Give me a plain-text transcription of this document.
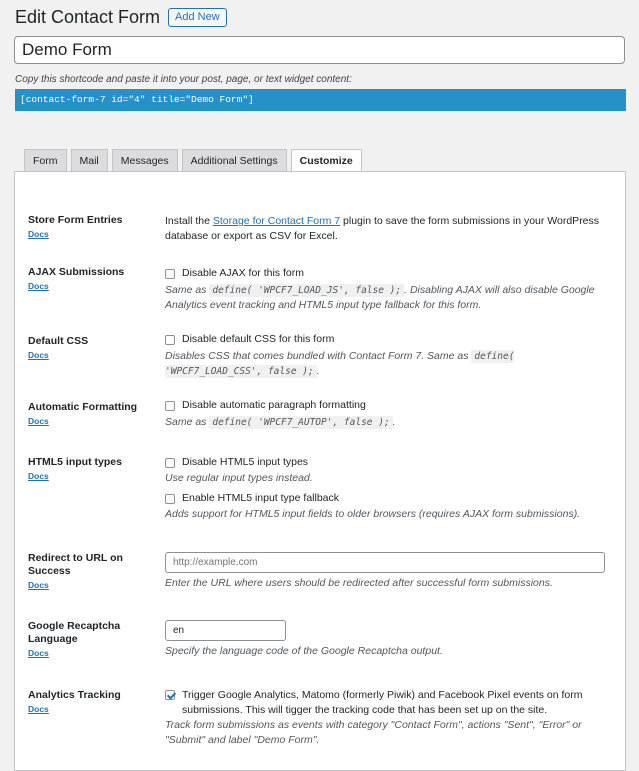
Edit Contact Form	Add New
Demo Form
Copy this shortcode and paste it into your post, page, or text widget content:
[contact-form-7 id="4" title="Demo Form"]
Form	Mail	Messages	Additional Settings	Customize
Store Form Entries
Docs
Install the Storage for Contact Form 7 plugin to save the form submissions in your WordPress database or export as CSV for Excel.
AJAX Submissions
Docs
Disable AJAX for this form
Same as define( 'WPCF7_LOAD_JS', false ); . Disabling AJAX will also disable Google Analytics event tracking and HTML5 input type fallback for this form.
Default CSS
Docs
Disable default CSS for this form
Disables CSS that comes bundled with Contact Form 7. Same as define( 'WPCF7_LOAD_CSS', false ); .
Automatic Formatting
Docs
Disable automatic paragraph formatting
Same as define( 'WPCF7_AUTOP', false ); .
HTML5 input types
Docs
Disable HTML5 input types
Use regular input types instead.
Enable HTML5 input type fallback
Adds support for HTML5 input fields to older browsers (requires AJAX form submissions).
Redirect to URL on Success
Docs
http://example.com	Enter the URL where users should be redirected after successful form submissions.
Google Recaptcha Language
Docs
en	Specify the language code of the Google Recaptcha output.
Analytics Tracking
Docs
Trigger Google Analytics, Matomo (formerly Piwik) and Facebook Pixel events on form submissions. This will tigger the tracking code that has been set up on the site.
Track form submissions as events with category "Contact Form", actions "Sent", "Error" or "Submit" and label "Demo Form".
